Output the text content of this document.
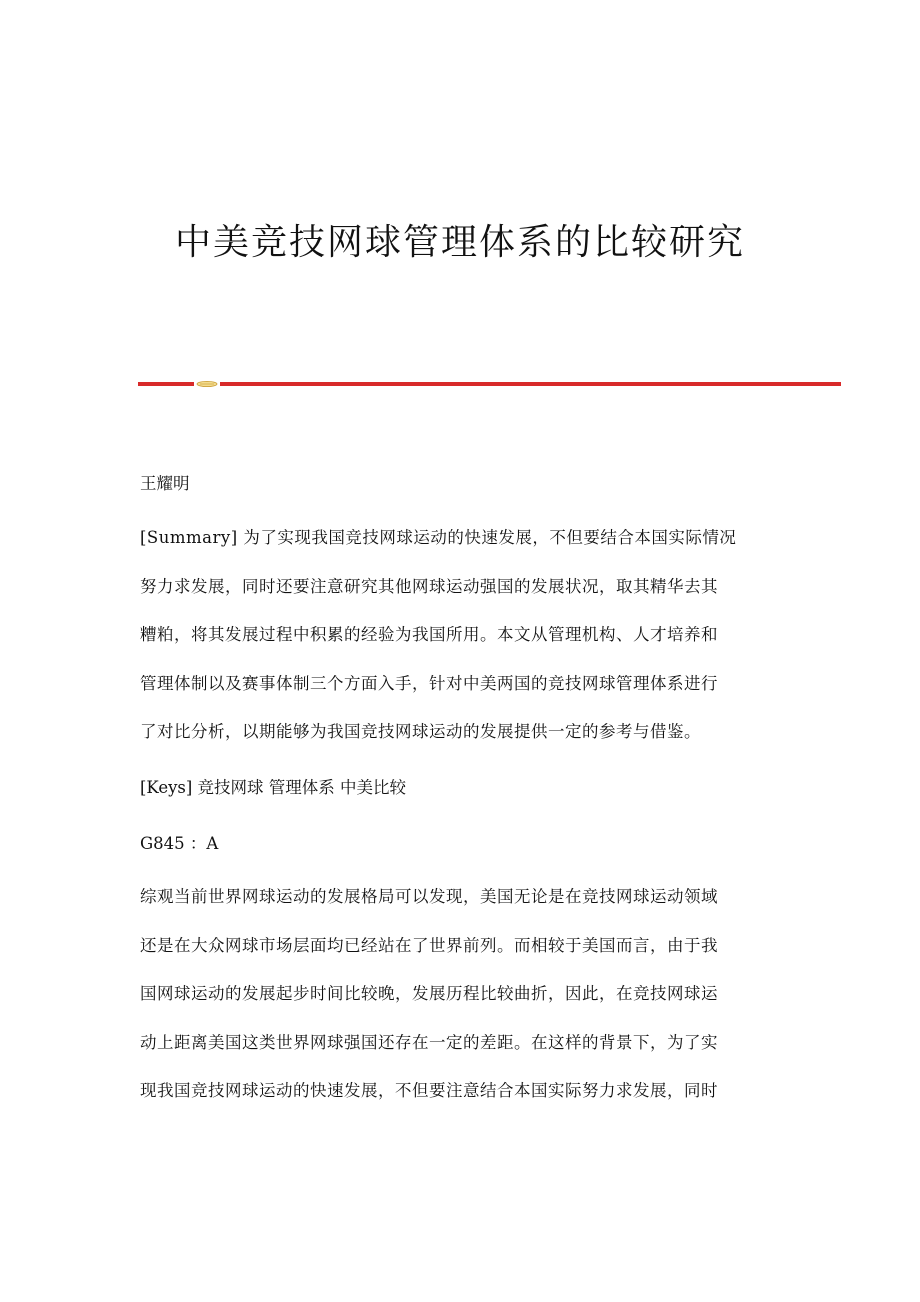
中美竞技网球管理体系的比较研究
王耀明
[Summary] 为了实现我国竞技网球运动的快速发展，不但要结合本国实际情况
努力求发展，同时还要注意研究其他网球运动强国的发展状况，取其精华去其
糟粕，将其发展过程中积累的经验为我国所用。本文从管理机构、人才培养和
管理体制以及赛事体制三个方面入手，针对中美两国的竞技网球管理体系进行
了对比分析，以期能够为我国竞技网球运动的发展提供一定的参考与借鉴。
[Keys] 竞技网球 管理体系 中美比较
G845 ：A
综观当前世界网球运动的发展格局可以发现，美国无论是在竞技网球运动领域
还是在大众网球市场层面均已经站在了世界前列。而相较于美国而言，由于我
国网球运动的发展起步时间比较晚，发展历程比较曲折，因此，在竞技网球运
动上距离美国这类世界网球强国还存在一定的差距。在这样的背景下，为了实
现我国竞技网球运动的快速发展，不但要注意结合本国实际努力求发展，同时
